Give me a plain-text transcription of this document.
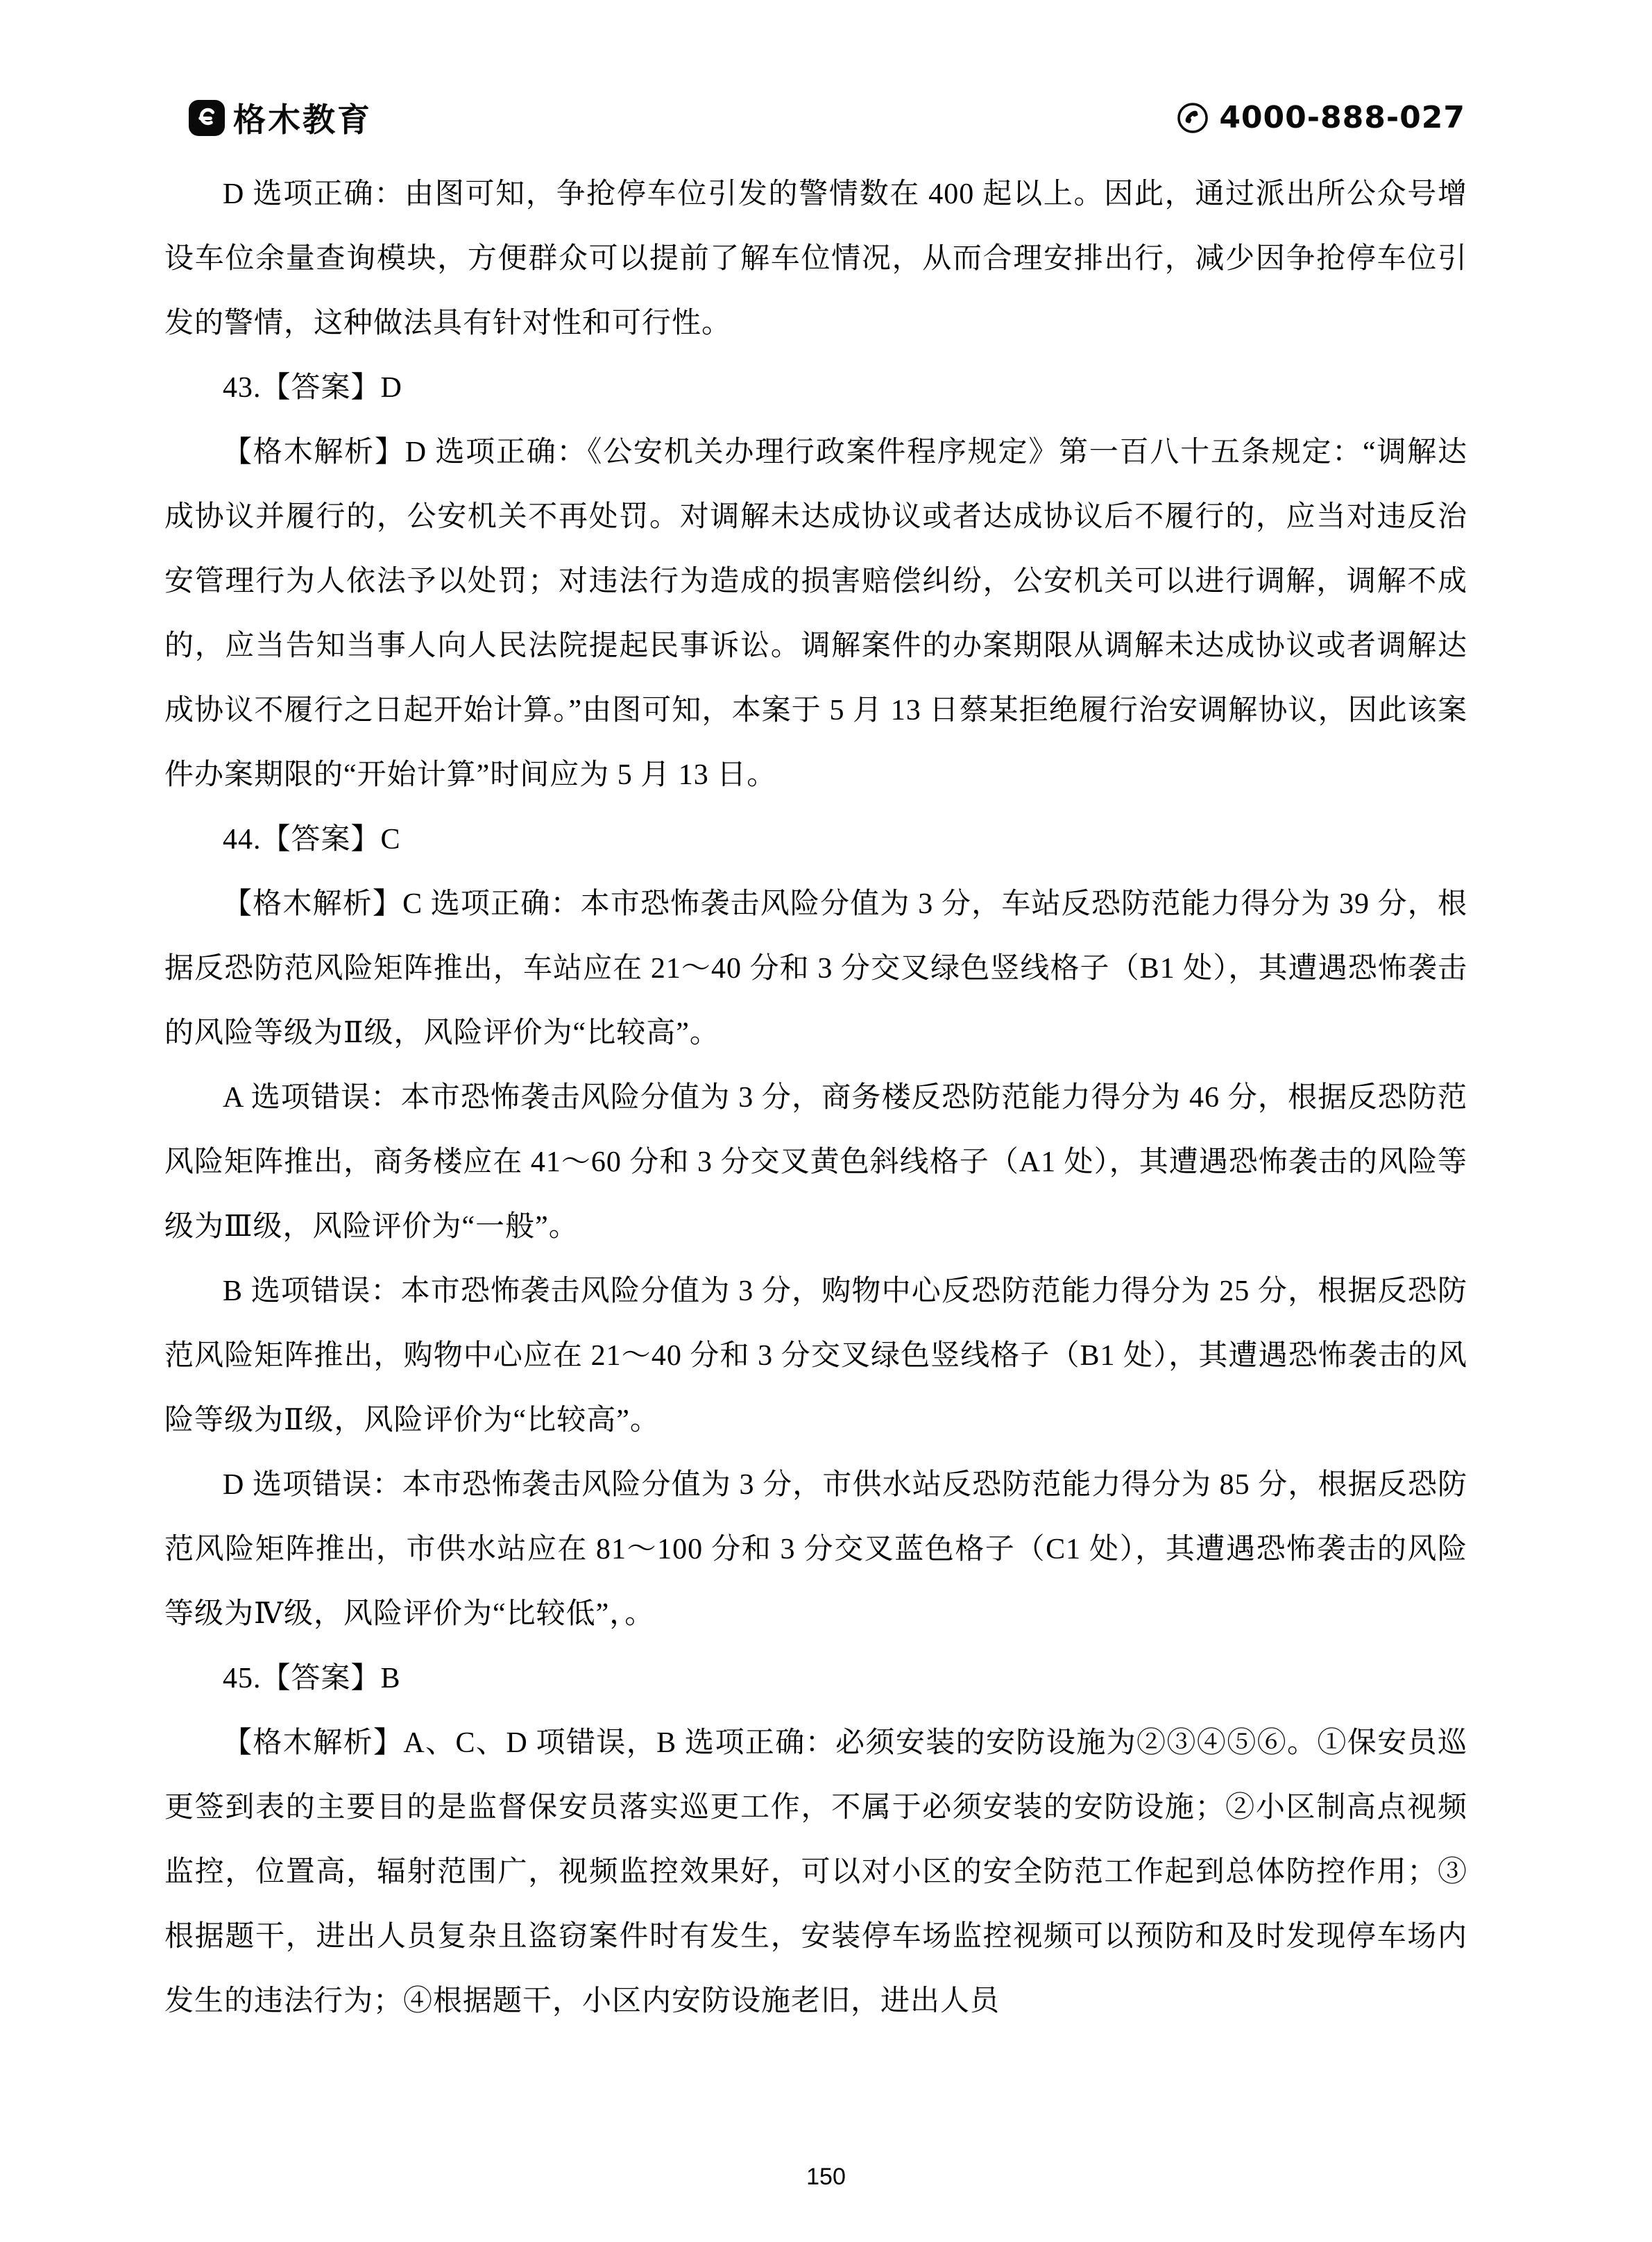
格木教育	4000-888-027

D 选项正确：由图可知，争抢停车位引发的警情数在 400 起以上。因此，通过派出所公众号增设车位余量查询模块，方便群众可以提前了解车位情况，从而合理安排出行，减少因争抢停车位引发的警情，这种做法具有针对性和可行性。

43.【答案】D

【格木解析】D 选项正确：《公安机关办理行政案件程序规定》第一百八十五条规定：“调解达成协议并履行的，公安机关不再处罚。对调解未达成协议或者达成协议后不履行的，应当对违反治安管理行为人依法予以处罚；对违法行为造成的损害赔偿纠纷，公安机关可以进行调解，调解不成的，应当告知当事人向人民法院提起民事诉讼。调解案件的办案期限从调解未达成协议或者调解达成协议不履行之日起开始计算。”由图可知，本案于 5 月 13 日蔡某拒绝履行治安调解协议，因此该案件办案期限的“开始计算”时间应为 5 月 13 日。

44.【答案】C

【格木解析】C 选项正确：本市恐怖袭击风险分值为 3 分，车站反恐防范能力得分为 39 分，根据反恐防范风险矩阵推出，车站应在 21～40 分和 3 分交叉绿色竖线格子（B1 处），其遭遇恐怖袭击的风险等级为Ⅱ级，风险评价为“比较高”。

A 选项错误：本市恐怖袭击风险分值为 3 分，商务楼反恐防范能力得分为 46 分，根据反恐防范风险矩阵推出，商务楼应在 41～60 分和 3 分交叉黄色斜线格子（A1 处），其遭遇恐怖袭击的风险等级为Ⅲ级，风险评价为“一般”。

B 选项错误：本市恐怖袭击风险分值为 3 分，购物中心反恐防范能力得分为 25 分，根据反恐防范风险矩阵推出，购物中心应在 21～40 分和 3 分交叉绿色竖线格子（B1 处），其遭遇恐怖袭击的风险等级为Ⅱ级，风险评价为“比较高”。

D 选项错误：本市恐怖袭击风险分值为 3 分，市供水站反恐防范能力得分为 85 分，根据反恐防范风险矩阵推出，市供水站应在 81～100 分和 3 分交叉蓝色格子（C1 处），其遭遇恐怖袭击的风险等级为Ⅳ级，风险评价为“比较低”，。

45.【答案】B

【格木解析】A、C、D 项错误，B 选项正确：必须安装的安防设施为②③④⑤⑥。①保安员巡更签到表的主要目的是监督保安员落实巡更工作，不属于必须安装的安防设施；②小区制高点视频监控，位置高，辐射范围广，视频监控效果好，可以对小区的安全防范工作起到总体防控作用；③根据题干，进出人员复杂且盗窃案件时有发生，安装停车场监控视频可以预防和及时发现停车场内发生的违法行为；④根据题干，小区内安防设施老旧，进出人员

150
